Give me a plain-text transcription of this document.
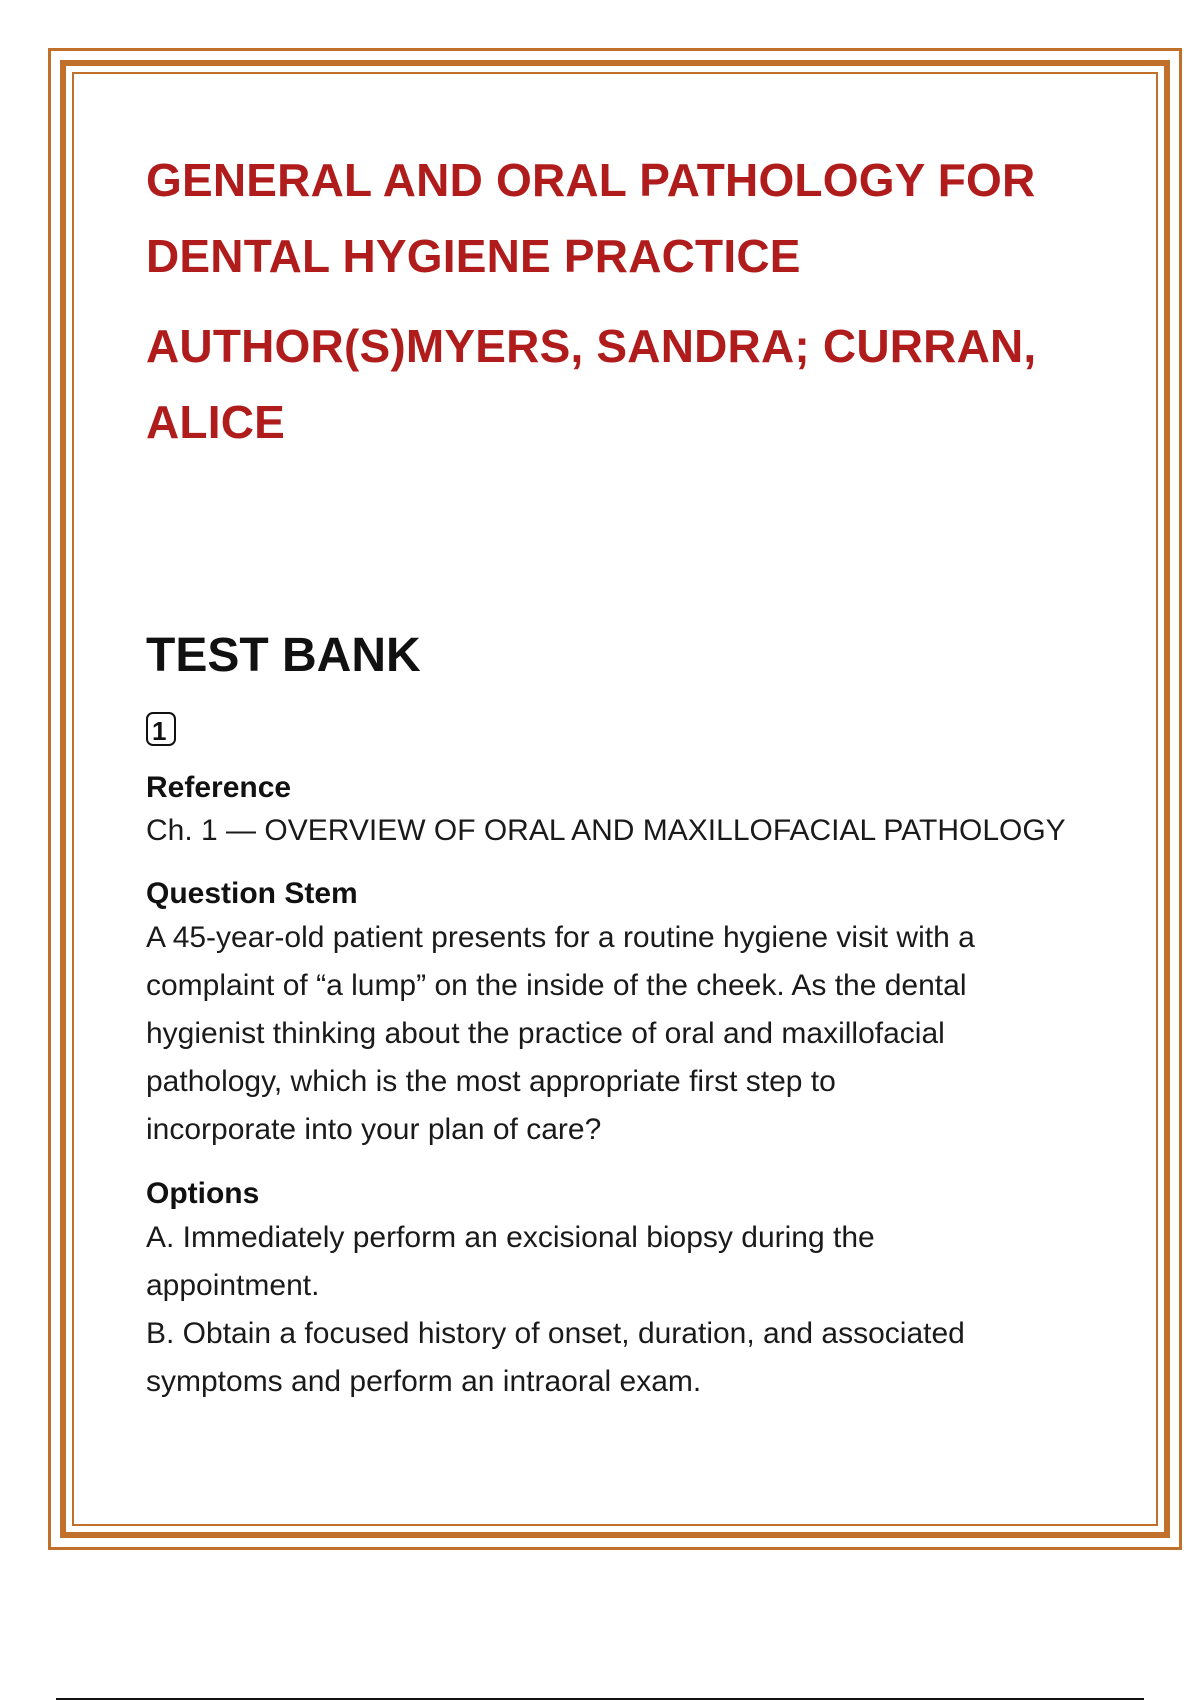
GENERAL AND ORAL PATHOLOGY FOR
DENTAL HYGIENE PRACTICE
AUTHOR(S)MYERS, SANDRA; CURRAN,
ALICE
TEST BANK
1

Reference

Ch. 1 — OVERVIEW OF ORAL AND MAXILLOFACIAL PATHOLOGY

Question Stem

A 45-year-old patient presents for a routine hygiene visit with a

complaint of “a lump” on the inside of the cheek. As the dental

hygienist thinking about the practice of oral and maxillofacial

pathology, which is the most appropriate first step to

incorporate into your plan of care?

Options

A. Immediately perform an excisional biopsy during the

appointment.

B. Obtain a focused history of onset, duration, and associated

symptoms and perform an intraoral exam.
